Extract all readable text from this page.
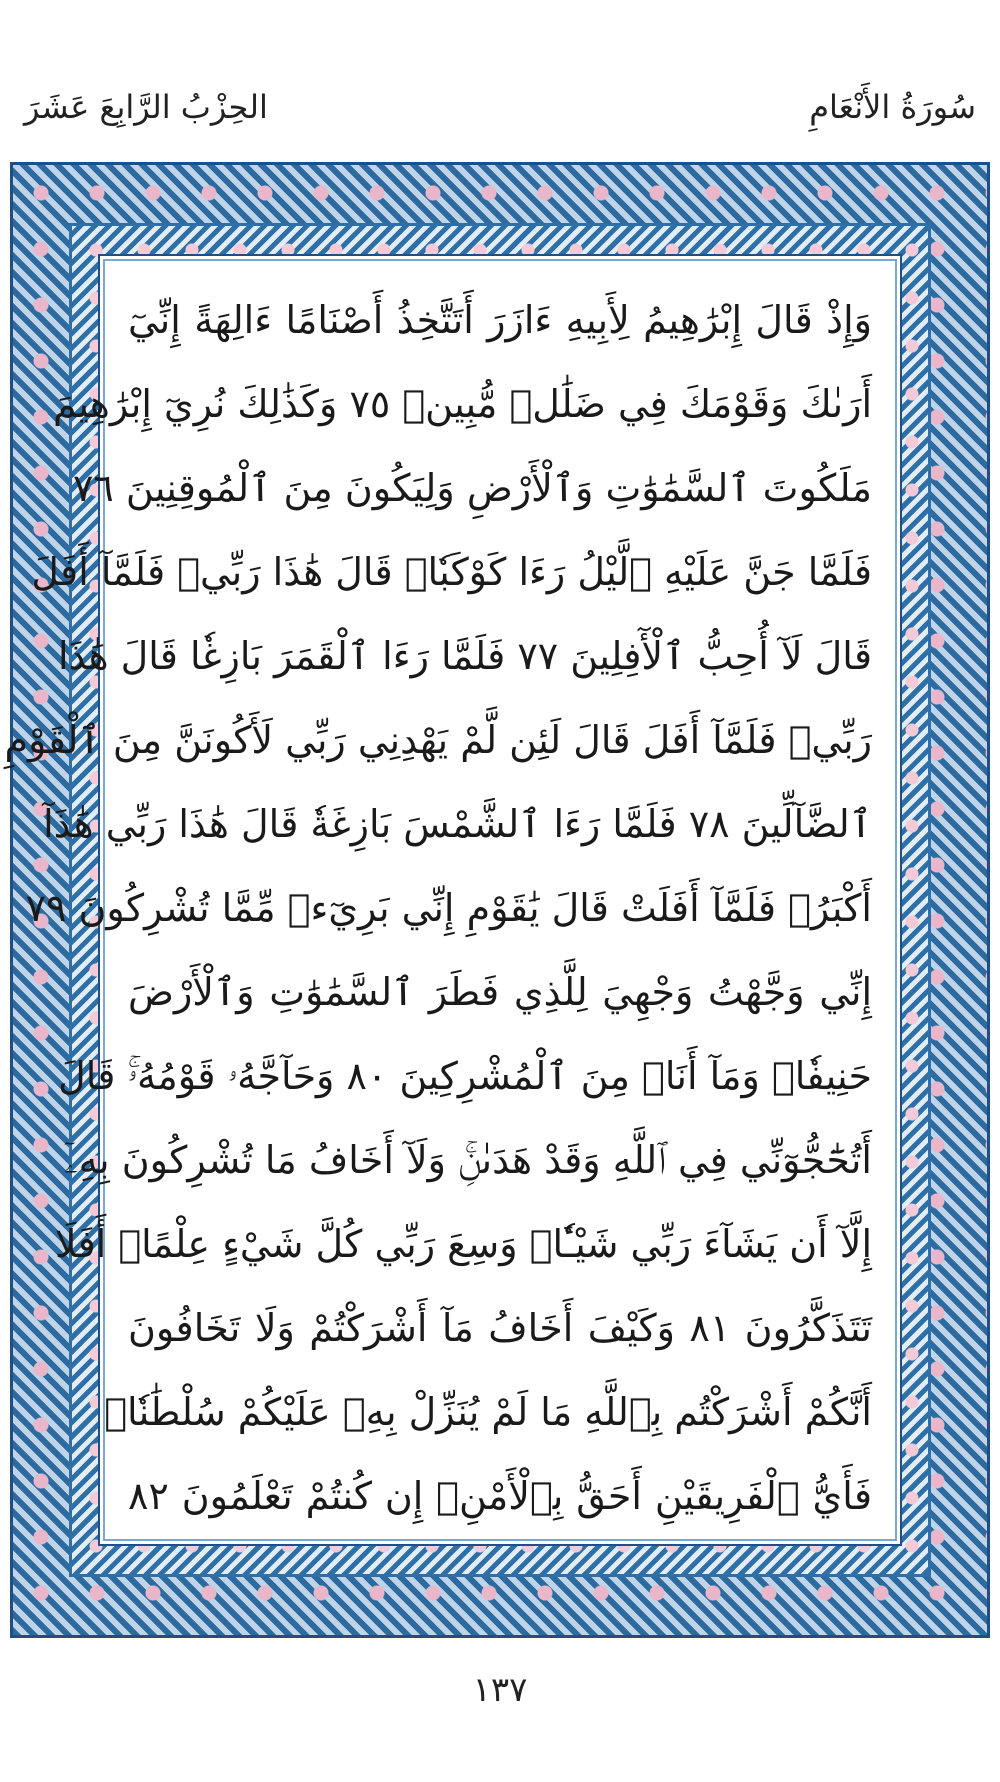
سُورَةُ الأَنْعَامِ
الحِزْبُ الرَّابِعَ عَشَرَ
وَإِذْ قَالَ إِبْرَٰهِيمُ لِأَبِيهِ ءَازَرَ أَتَتَّخِذُ أَصْنَامًا ءَالِهَةً إِنِّيٓ
أَرَىٰكَ وَقَوْمَكَ فِي ضَلَٰلٖ مُّبِينٖ ٧٥ وَكَذَٰلِكَ نُرِيٓ إِبْرَٰهِيمَ
مَلَكُوتَ ٱلسَّمَٰوَٰتِ وَٱلْأَرْضِ وَلِيَكُونَ مِنَ ٱلْمُوقِنِينَ ٧٦
فَلَمَّا جَنَّ عَلَيْهِ ٱلَّيْلُ رَءَا كَوْكَبٗاۖ قَالَ هَٰذَا رَبِّيۖ فَلَمَّآ أَفَلَ
قَالَ لَآ أُحِبُّ ٱلْأٓفِلِينَ ٧٧ فَلَمَّا رَءَا ٱلْقَمَرَ بَازِغٗا قَالَ هَٰذَا
رَبِّيۖ فَلَمَّآ أَفَلَ قَالَ لَئِن لَّمْ يَهْدِنِي رَبِّي لَأَكُونَنَّ مِنَ ٱلْقَوْمِ
ٱلضَّآلِّينَ ٧٨ فَلَمَّا رَءَا ٱلشَّمْسَ بَازِغَةٗ قَالَ هَٰذَا رَبِّي هَٰذَآ
أَكْبَرُۖ فَلَمَّآ أَفَلَتْ قَالَ يَٰقَوْمِ إِنِّي بَرِيٓءٞ مِّمَّا تُشْرِكُونَ ٧٩
إِنِّي وَجَّهْتُ وَجْهِيَ لِلَّذِي فَطَرَ ٱلسَّمَٰوَٰتِ وَٱلْأَرْضَ
حَنِيفٗاۖ وَمَآ أَنَا۠ مِنَ ٱلْمُشْرِكِينَ ٨٠ وَحَآجَّهُۥ قَوْمُهُۥۚ قَالَ
أَتُحَٰٓجُّوٓنِّي فِي ٱللَّهِ وَقَدْ هَدَىٰنِۚ وَلَآ أَخَافُ مَا تُشْرِكُونَ بِهِۦٓ
إِلَّآ أَن يَشَآءَ رَبِّي شَيْـٔٗاۚ وَسِعَ رَبِّي كُلَّ شَيْءٍ عِلْمًاۚ أَفَلَا
تَتَذَكَّرُونَ ٨١ وَكَيْفَ أَخَافُ مَآ أَشْرَكْتُمْ وَلَا تَخَافُونَ
أَنَّكُمْ أَشْرَكْتُم بِٱللَّهِ مَا لَمْ يُنَزِّلْ بِهِۦ عَلَيْكُمْ سُلْطَٰنٗاۚ
فَأَيُّ ٱلْفَرِيقَيْنِ أَحَقُّ بِٱلْأَمْنِۖ إِن كُنتُمْ تَعْلَمُونَ ٨٢
١٣٧
